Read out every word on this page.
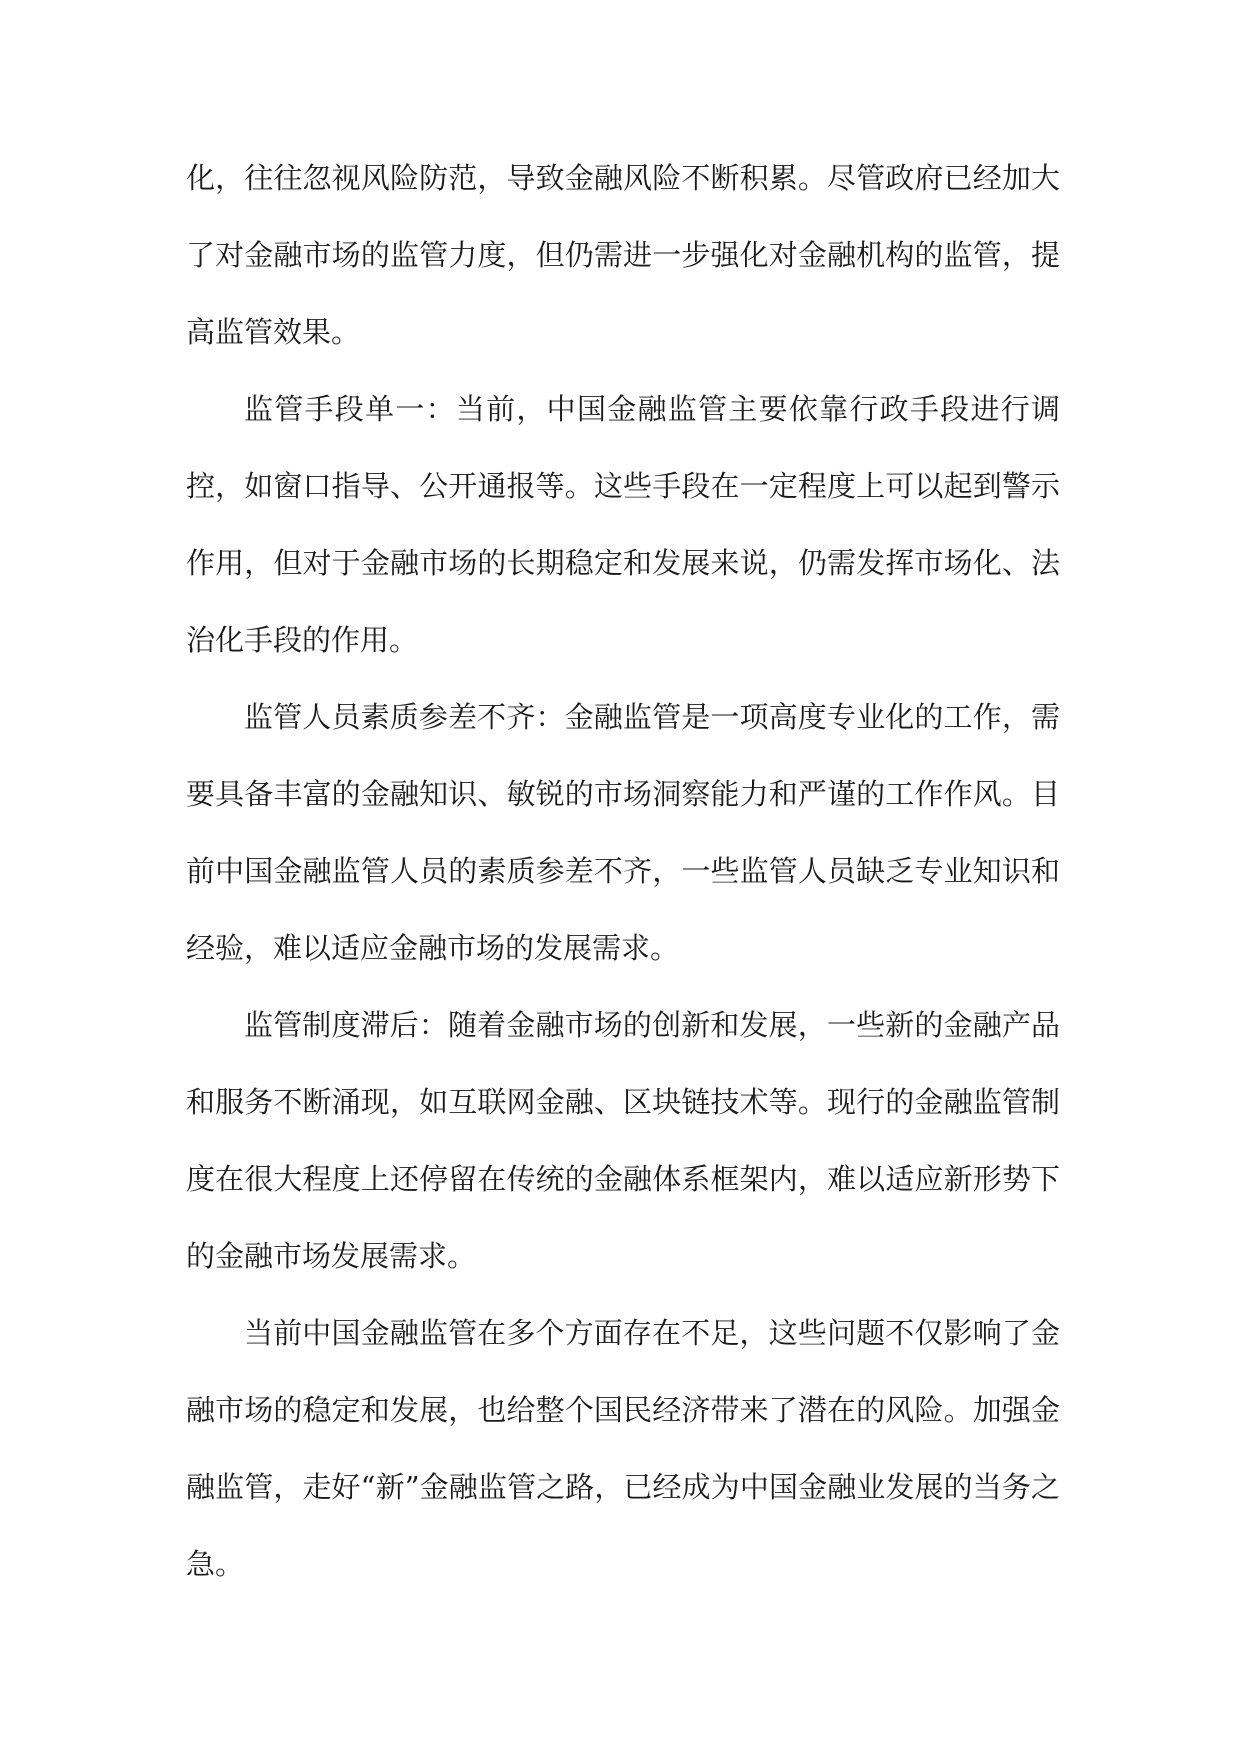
化，往往忽视风险防范，导致金融风险不断积累。尽管政府已经加大了对金融市场的监管力度，但仍需进一步强化对金融机构的监管，提高监管效果。

监管手段单一：当前，中国金融监管主要依靠行政手段进行调控，如窗口指导、公开通报等。这些手段在一定程度上可以起到警示作用，但对于金融市场的长期稳定和发展来说，仍需发挥市场化、法治化手段的作用。

监管人员素质参差不齐：金融监管是一项高度专业化的工作，需要具备丰富的金融知识、敏锐的市场洞察能力和严谨的工作作风。目前中国金融监管人员的素质参差不齐，一些监管人员缺乏专业知识和经验，难以适应金融市场的发展需求。

监管制度滞后：随着金融市场的创新和发展，一些新的金融产品和服务不断涌现，如互联网金融、区块链技术等。现行的金融监管制度在很大程度上还停留在传统的金融体系框架内，难以适应新形势下的金融市场发展需求。

当前中国金融监管在多个方面存在不足，这些问题不仅影响了金融市场的稳定和发展，也给整个国民经济带来了潜在的风险。加强金融监管，走好“新”金融监管之路，已经成为中国金融业发展的当务之急。
